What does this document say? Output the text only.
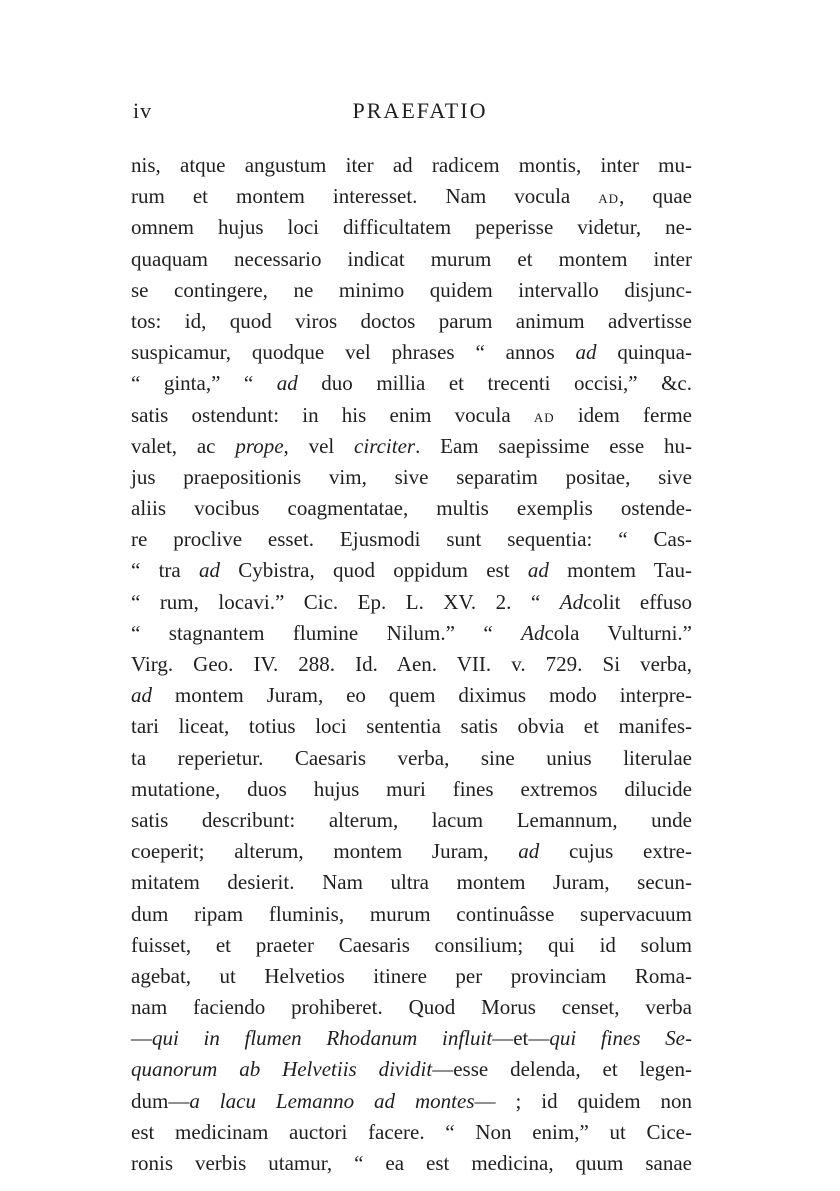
iv	PRAEFATIO
nis, atque angustum iter ad radicem montis, inter mu-
rum et montem interesset. Nam vocula ad, quae
omnem hujus loci difficultatem peperisse videtur, ne-
quaquam necessario indicat murum et montem inter
se contingere, ne minimo quidem intervallo disjunc-
tos: id, quod viros doctos parum animum advertisse
suspicamur, quodque vel phrases “ annos ad quinqua-
“ ginta,” “ ad duo millia et trecenti occisi,” &c.
satis ostendunt: in his enim vocula ad idem ferme
valet, ac prope, vel circiter. Eam saepissime esse hu-
jus praepositionis vim, sive separatim positae, sive
aliis vocibus coagmentatae, multis exemplis ostende-
re proclive esset. Ejusmodi sunt sequentia: “ Cas-
“ tra ad Cybistra, quod oppidum est ad montem Tau-
“ rum, locavi.” Cic. Ep. L. XV. 2. “ Adcolit effuso
“ stagnantem flumine Nilum.” “ Adcola Vulturni.”
Virg. Geo. IV. 288. Id. Aen. VII. v. 729. Si verba,
ad montem Juram, eo quem diximus modo interpre-
tari liceat, totius loci sententia satis obvia et manifes-
ta reperietur. Caesaris verba, sine unius literulae
mutatione, duos hujus muri fines extremos dilucide
satis describunt: alterum, lacum Lemannum, unde
coeperit; alterum, montem Juram, ad cujus extre-
mitatem desierit. Nam ultra montem Juram, secun-
dum ripam fluminis, murum continuâsse supervacuum
fuisset, et praeter Caesaris consilium; qui id solum
agebat, ut Helvetios itinere per provinciam Roma-
nam faciendo prohiberet. Quod Morus censet, verba
—qui in flumen Rhodanum influit—et—qui fines Se-
quanorum ab Helvetiis dividit—esse delenda, et legen-
dum—a lacu Lemanno ad montes— ; id quidem non
est medicinam auctori facere. “ Non enim,” ut Cice-
ronis verbis utamur, “ ea est medicina, quum sanae
